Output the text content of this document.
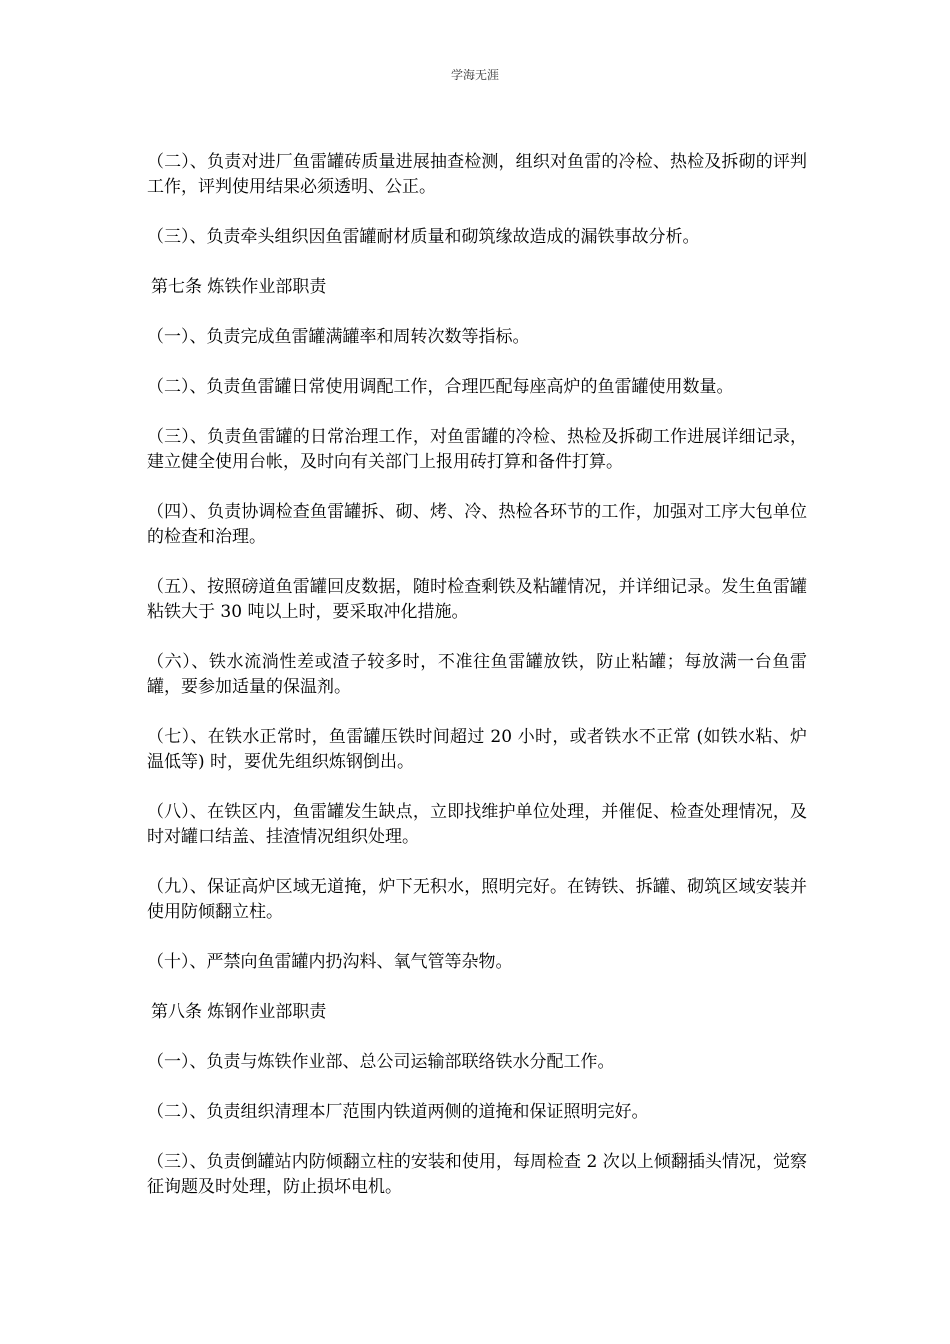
学海无涯

（二）、负责对进厂鱼雷罐砖质量进展抽查检测，组织对鱼雷的冷检、热检及拆砌的评判工作，评判使用结果必须透明、公正。

（三）、负责牵头组织因鱼雷罐耐材质量和砌筑缘故造成的漏铁事故分析。

第七条 炼铁作业部职责

（一）、负责完成鱼雷罐满罐率和周转次数等指标。

（二）、负责鱼雷罐日常使用调配工作，合理匹配每座高炉的鱼雷罐使用数量。

（三）、负责鱼雷罐的日常治理工作，对鱼雷罐的冷检、热检及拆砌工作进展详细记录，建立健全使用台帐，及时向有关部门上报用砖打算和备件打算。

（四）、负责协调检查鱼雷罐拆、砌、烤、冷、热检各环节的工作，加强对工序大包单位的检查和治理。

（五）、按照磅道鱼雷罐回皮数据，随时检查剩铁及粘罐情况，并详细记录。发生鱼雷罐粘铁大于 30 吨以上时，要采取冲化措施。

（六）、铁水流淌性差或渣子较多时，不准往鱼雷罐放铁，防止粘罐；每放满一台鱼雷罐，要参加适量的保温剂。

（七）、在铁水正常时，鱼雷罐压铁时间超过 20 小时，或者铁水不正常 (如铁水粘、炉温低等) 时，要优先组织炼钢倒出。

（八）、在铁区内，鱼雷罐发生缺点，立即找维护单位处理，并催促、检查处理情况，及时对罐口结盖、挂渣情况组织处理。

（九）、保证高炉区域无道掩，炉下无积水，照明完好。在铸铁、拆罐、砌筑区域安装并使用防倾翻立柱。

（十）、严禁向鱼雷罐内扔沟料、氧气管等杂物。

第八条 炼钢作业部职责

（一）、负责与炼铁作业部、总公司运输部联络铁水分配工作。

（二）、负责组织清理本厂范围内铁道两侧的道掩和保证照明完好。

（三）、负责倒罐站内防倾翻立柱的安装和使用，每周检查 2 次以上倾翻插头情况，觉察征询题及时处理，防止损坏电机。
